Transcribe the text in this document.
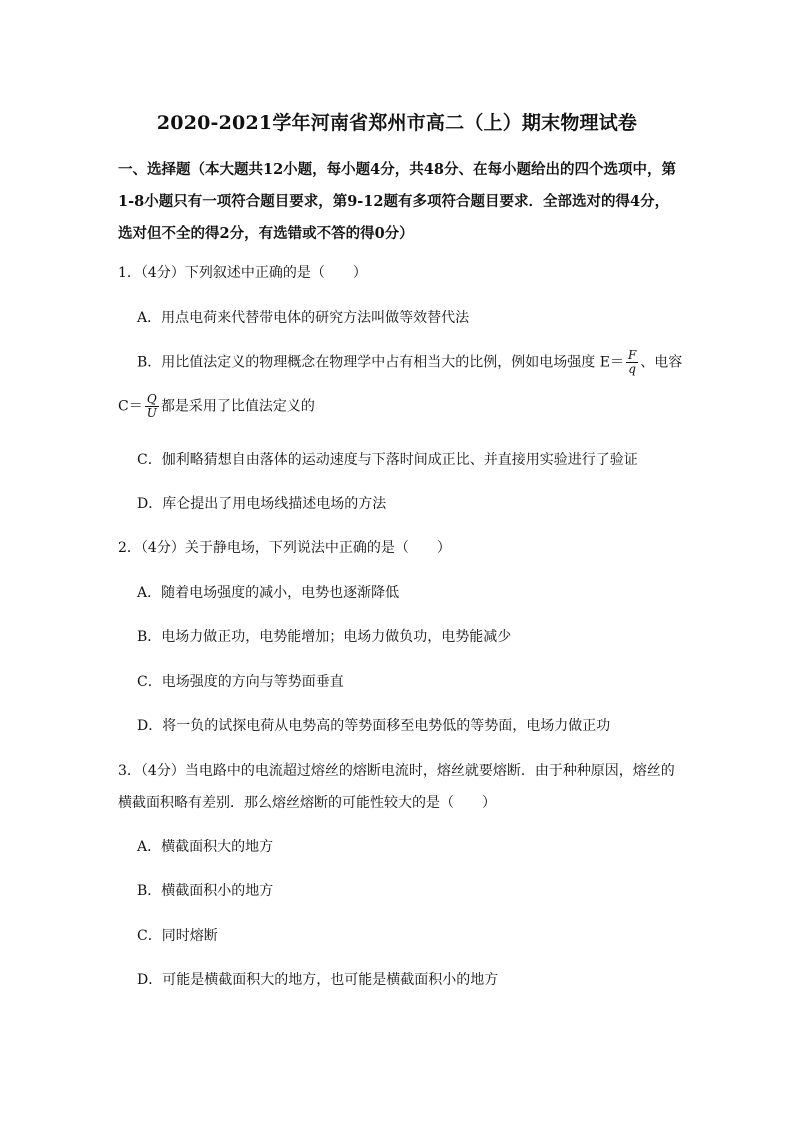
2020-2021学年河南省郑州市高二（上）期末物理试卷
一、选择题（本大题共12小题，每小题4分，共48分、在每小题给出的四个选项中，第1-8小题只有一项符合题目要求，第9-12题有多项符合题目要求．全部选对的得4分，选对但不全的得2分，有选错或不答的得0分）
1．（4分）下列叙述中正确的是（　　）
A．用点电荷来代替带电体的研究方法叫做等效替代法
B．用比值法定义的物理概念在物理学中占有相当大的比例，例如电场强度 $E= \frac{F}{q}$ 、电容
$C= \frac{Q}{U}$ 都是采用了比值法定义的
C．伽利略猜想自由落体的运动速度与下落时间成正比、并直接用实验进行了验证
D．库仑提出了用电场线描述电场的方法
2．（4分）关于静电场，下列说法中正确的是（　　）
A．随着电场强度的减小，电势也逐渐降低
B．电场力做正功，电势能增加；电场力做负功，电势能减少
C．电场强度的方向与等势面垂直
D．将一负的试探电荷从电势高的等势面移至电势低的等势面，电场力做正功
3．（4分）当电路中的电流超过熔丝的熔断电流时，熔丝就要熔断．由于种种原因，熔丝的
横截面积略有差别．那么熔丝熔断的可能性较大的是（　　）
A．横截面积大的地方
B．横截面积小的地方
C．同时熔断
D．可能是横截面积大的地方，也可能是横截面积小的地方
